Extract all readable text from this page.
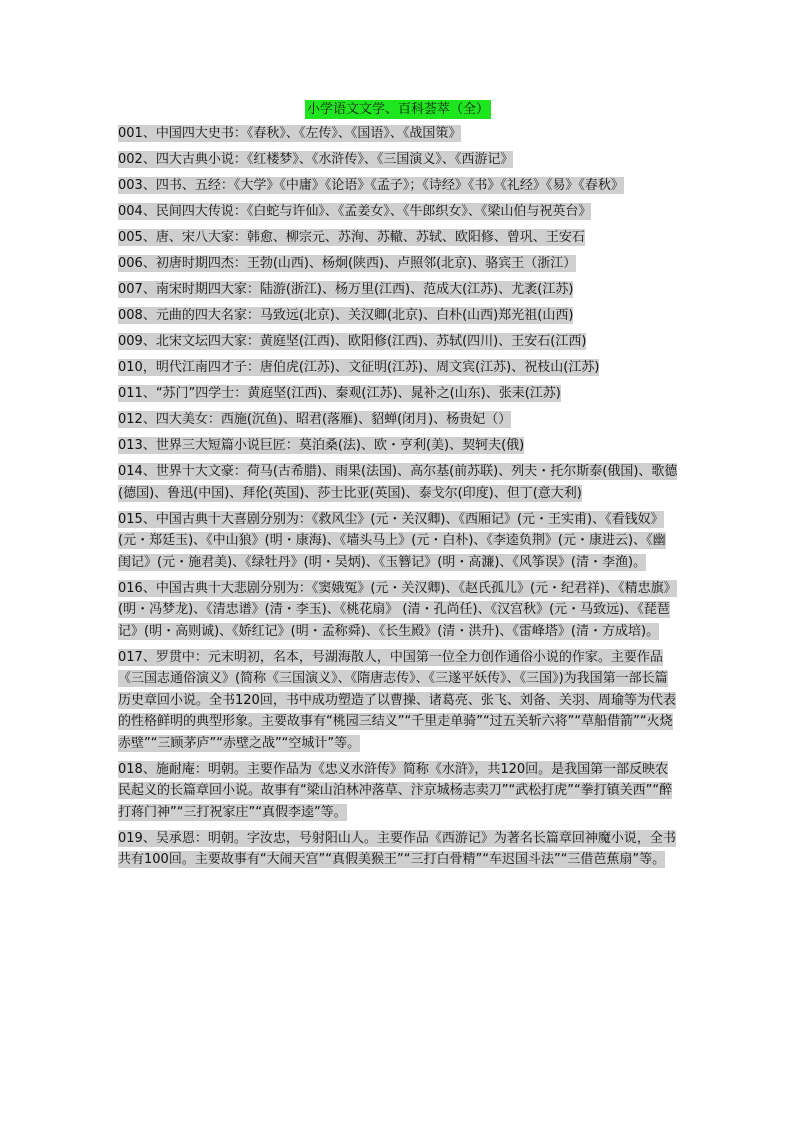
小学语文文学、百科荟萃（全）
001、中国四大史书：《春秋》、《左传》、《国语》、《战国策》
002、四大古典小说：《红楼梦》、《水浒传》、《三国演义》、《西游记》
003、四书、五经：《大学》《中庸》《论语》《孟子》；《诗经》《书》《礼经》《易》《春秋》
004、民间四大传说：《白蛇与许仙》、《孟姜女》、《牛郎织女》、《梁山伯与祝英台》
005、唐、宋八大家：韩愈、柳宗元、苏洵、苏轍、苏轼、欧阳修、曾巩、王安石
006、初唐时期四杰：王勃(山西)、杨炯(陕西)、卢照邻(北京)、骆宾王（浙江）
007、南宋时期四大家：陆游(浙江)、杨万里(江西)、范成大(江苏)、尤袤(江苏)
008、元曲的四大名家：马致远(北京)、关汉卿(北京)、白朴(山西)郑光祖(山西)
009、北宋文坛四大家：黄庭坚(江西)、欧阳修(江西)、苏轼(四川)、王安石(江西)
010，明代江南四才子：唐伯虎(江苏)、文征明(江苏)、周文宾(江苏)、祝枝山(江苏)
011、“苏门”四学士：黄庭坚(江西)、秦观(江苏)、晁补之(山东)、张耒(江苏)
012、四大美女：西施(沉鱼)、昭君(落雁)、貂蝉(闭月)、杨贵妃（）
013、世界三大短篇小说巨匠：莫泊桑(法)、欧・亨利(美)、契轲夫(俄)
014、世界十大文豪：荷马(古希腊)、雨果(法国)、高尔基(前苏联)、列夫・托尔斯泰(俄国)、歌德(德国)、鲁迅(中国)、拜伦(英国)、莎士比亚(英国)、泰戈尔(印度)、但丁(意大利)
015、中国古典十大喜剧分别为：《救风尘》(元・关汉卿)、《西厢记》(元・王实甫)、《看钱奴》(元・郑廷玉)、《中山狼》(明・康海)、《墙头马上》(元・白朴)、《李逵负荆》(元・康进云)、《幽闺记》(元・施君美)、《绿牡丹》(明・吴炳)、《玉簪记》(明・高濂)、《风筝误》(清・李渔)。
016、中国古典十大悲剧分别为：《窦娥冤》(元・关汉卿)、《赵氏孤儿》(元・纪君祥)、《精忠旗》(明・冯梦龙)、《清忠谱》(清・李玉)、《桃花扇》 (清・孔尚任)、《汉宫秋》(元・马致远)、《琵琶记》(明・高则诚)、《娇红记》(明・孟称舜)、《长生殿》(清・洪升)、《雷峰塔》(清・方成培)。
017、罗贯中：元末明初，名本，号湖海散人，中国第一位全力创作通俗小说的作家。主要作品《三国志通俗演义》(简称《三国演义》、《隋唐志传》、《三遂平妖传》、《三国》)为我国第一部长篇历史章回小说。全书120回，书中成功塑造了以曹操、诸葛亮、张飞、刘备、关羽、周瑜等为代表的性格鲜明的典型形象。主要故事有“桃园三结义”“千里走单骑”“过五关斩六将”“草船借箭”“火烧赤壁”“三顾茅庐”“赤壁之战”“空城计”等。
018、施耐庵：明朝。主要作品为《忠义水浒传》简称《水浒》，共120回。是我国第一部反映农民起义的长篇章回小说。故事有“梁山泊林冲落草、汴京城杨志卖刀”“武松打虎”“拳打镇关西”“醉打蒋门神”“三打祝家庄”“真假李逵”等。
019、吴承恩：明朝。字汝忠，号射阳山人。主要作品《西游记》为著名长篇章回神魔小说，全书共有100回。主要故事有“大闹天宫”“真假美猴王”“三打白骨精”“车迟国斗法”“三借芭蕉扇”等。
